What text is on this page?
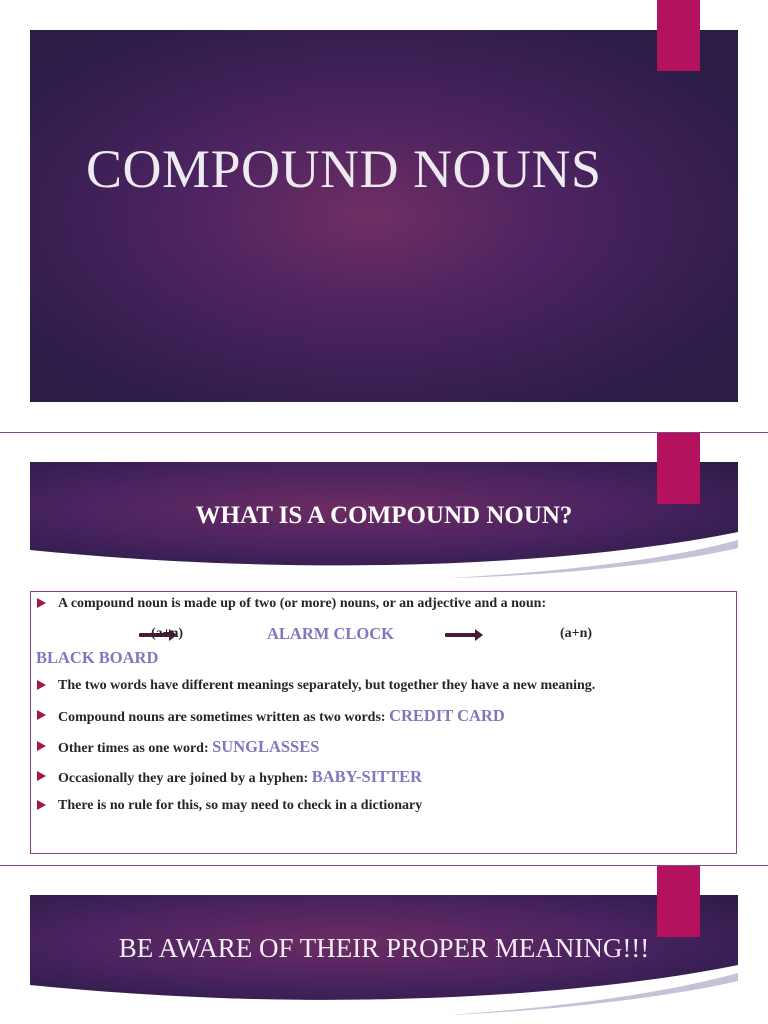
COMPOUND NOUNS
WHAT IS A COMPOUND NOUN?
A compound noun is made up of two (or more) nouns, or an adjective and a noun:
(a+n)	ALARM CLOCK	(a+n)
BLACK BOARD
The two words have different meanings separately, but together they have a new meaning.
Compound nouns are sometimes written as two words: CREDIT CARD
Other times as one word: SUNGLASSES
Occasionally they are joined by a hyphen: BABY-SITTER
There is no rule for this, so may need to check in a dictionary
BE AWARE OF THEIR PROPER MEANING!!!
